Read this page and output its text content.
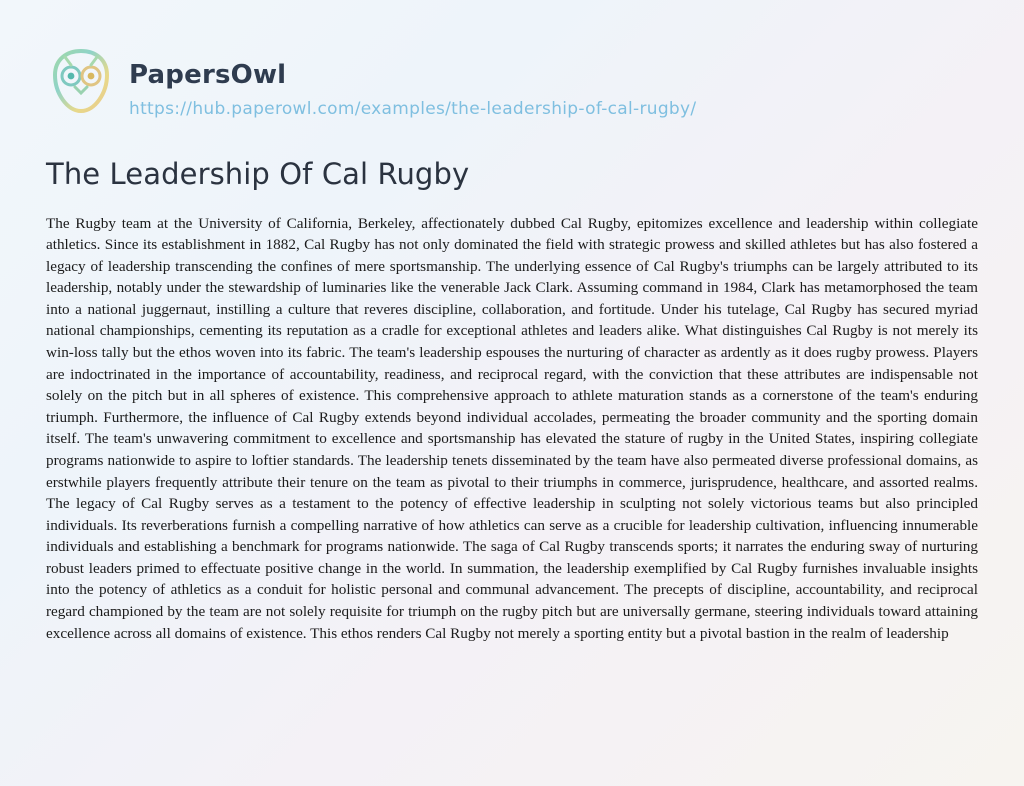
PapersOwl
https://hub.paperowl.com/examples/the-leadership-of-cal-rugby/
The Leadership Of Cal Rugby
The Rugby team at the University of California, Berkeley, affectionately dubbed Cal Rugby, epitomizes excellence and leadership within collegiate athletics. Since its establishment in 1882, Cal Rugby has not only dominated the field with strategic prowess and skilled athletes but has also fostered a legacy of leadership transcending the confines of mere sportsmanship. The underlying essence of Cal Rugby's triumphs can be largely attributed to its leadership, notably under the stewardship of luminaries like the venerable Jack Clark. Assuming command in 1984, Clark has metamorphosed the team into a national juggernaut, instilling a culture that reveres discipline, collaboration, and fortitude. Under his tutelage, Cal Rugby has secured myriad national championships, cementing its reputation as a cradle for exceptional athletes and leaders alike. What distinguishes Cal Rugby is not merely its win-loss tally but the ethos woven into its fabric. The team's leadership espouses the nurturing of character as ardently as it does rugby prowess. Players are indoctrinated in the importance of accountability, readiness, and reciprocal regard, with the conviction that these attributes are indispensable not solely on the pitch but in all spheres of existence. This comprehensive approach to athlete maturation stands as a cornerstone of the team's enduring triumph. Furthermore, the influence of Cal Rugby extends beyond individual accolades, permeating the broader community and the sporting domain itself. The team's unwavering commitment to excellence and sportsmanship has elevated the stature of rugby in the United States, inspiring collegiate programs nationwide to aspire to loftier standards. The leadership tenets disseminated by the team have also permeated diverse professional domains, as erstwhile players frequently attribute their tenure on the team as pivotal to their triumphs in commerce, jurisprudence, healthcare, and assorted realms. The legacy of Cal Rugby serves as a testament to the potency of effective leadership in sculpting not solely victorious teams but also principled individuals. Its reverberations furnish a compelling narrative of how athletics can serve as a crucible for leadership cultivation, influencing innumerable individuals and establishing a benchmark for programs nationwide. The saga of Cal Rugby transcends sports; it narrates the enduring sway of nurturing robust leaders primed to effectuate positive change in the world. In summation, the leadership exemplified by Cal Rugby furnishes invaluable insights into the potency of athletics as a conduit for holistic personal and communal advancement. The precepts of discipline, accountability, and reciprocal regard championed by the team are not solely requisite for triumph on the rugby pitch but are universally germane, steering individuals toward attaining excellence across all domains of existence. This ethos renders Cal Rugby not merely a sporting entity but a pivotal bastion in the realm of leadership
